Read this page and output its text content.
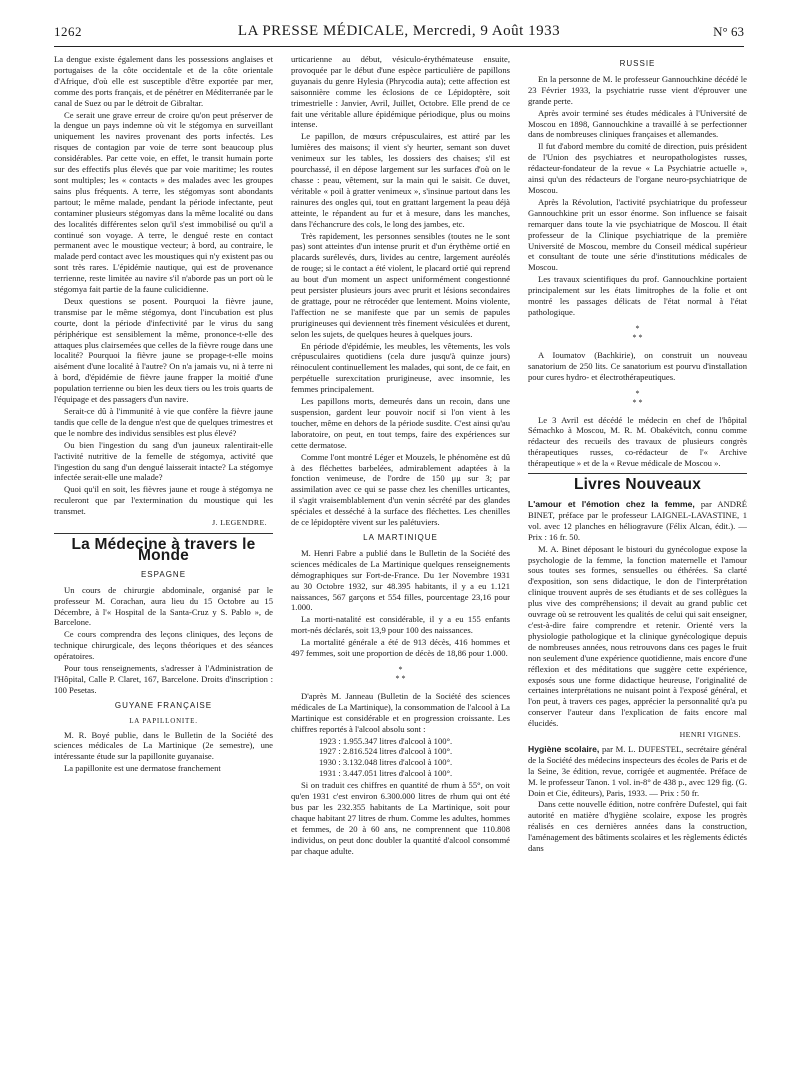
1262	LA PRESSE MÉDICALE, Mercredi, 9 Août 1933	N° 63

La dengue existe également dans les possessions anglaises et portugaises de la côte occidentale et de la côte orientale d'Afrique, d'où elle est susceptible d'être exportée par mer, comme des ports français, et de pénétrer en Méditerranée par le canal de Suez ou par le détroit de Gibraltar.

Ce serait une grave erreur de croire qu'on peut préserver de la dengue un pays indemne où vit le stégomya en surveillant uniquement les navires provenant des ports infectés. Les risques de contagion par voie de terre sont beaucoup plus considérables. Par cette voie, en effet, le transit humain porte sur des effectifs plus élevés que par voie maritime; les routes sont multiples; les « contacts » des malades avec les groupes sains plus fréquents. A terre, les stégomyas sont abondants partout; le même malade, pendant la période infectante, peut contaminer plusieurs stégomyas dans la même localité ou dans des localités différentes selon qu'il s'est immobilisé ou qu'il a continué son voyage. A terre, le dengué reste en contact permanent avec le moustique vecteur; à bord, au contraire, le malade perd contact avec les moustiques qui n'y existent pas ou sont très rares. L'épidémie nautique, qui est de provenance terrienne, reste limitée au navire s'il n'aborde pas un port où le stégomya fait partie de la faune culicidienne.

Deux questions se posent. Pourquoi la fièvre jaune, transmise par le même stégomya, dont l'incubation est plus courte, dont la période d'infectivité par le virus du sang périphérique est sensiblement la même, prononce-t-elle des attaques plus clairsemées que celles de la fièvre rouge dans une localité? Pourquoi la fièvre jaune se propage-t-elle moins aisément d'une localité à l'autre? On n'a jamais vu, ni à terre ni à bord, d'épidémie de fièvre jaune frapper la moitié d'une population terrienne ou bien les deux tiers ou les trois quarts de l'équipage et des passagers d'un navire.

Serait-ce dû à l'immunité à vie que confère la fièvre jaune tandis que celle de la dengue n'est que de quelques trimestres et que le nombre des individus sensibles est plus élevé?

Ou bien l'ingestion du sang d'un jauneux ralentirait-elle l'activité nutritive de la femelle de stégomya, activité que l'ingestion du sang d'un dengué laisserait intacte? La stégomye infectée serait-elle une malade?

Quoi qu'il en soit, les fièvres jaune et rouge à stégomya ne reculeront que par l'extermination du moustique qui les transmet.

J. LEGENDRE.
La Médecine à travers le Monde
ESPAGNE

Un cours de chirurgie abdominale, organisé par le professeur M. Corachan, aura lieu du 15 Octobre au 15 Décembre, à l'« Hospital de la Santa-Cruz y S. Pablo », de Barcelone.

Ce cours comprendra des leçons cliniques, des leçons de technique chirurgicale, des leçons théoriques et des séances opératoires.

Pour tous renseignements, s'adresser à l'Administration de l'Hôpital, Calle P. Claret, 167, Barcelone. Droits d'inscription : 100 Pesetas.

GUYANE FRANÇAISE
LA PAPILLONITE.

M. R. Boyé publie, dans le Bulletin de la Société des sciences médicales de La Martinique (2e semestre), une intéressante étude sur la papillonite guyanaise.

La papillonite est une dermatose franchement

urticarienne au début, vésiculo-érythémateuse ensuite, provoquée par le début d'une espèce particulière de papillons guyanais du genre Hylesia (Phrycodia auta); cette affection est saisonnière comme les éclosions de ce Lépidoptère, soit trimestrielle : Janvier, Avril, Juillet, Octobre. Elle prend de ce fait une véritable allure épidémique périodique, plus ou moins intense.

Le papillon, de mœurs crépusculaires, est attiré par les lumières des maisons; il vient s'y heurter, semant son duvet venimeux sur les tables, les dossiers des chaises; s'il est pourchassé, il en dépose largement sur les surfaces d'où on le chasse : peau, vêtement, sur la main qui le saisit. Ce duvet, véritable « poil à gratter venimeux », s'insinue partout dans les rainures des ongles qui, tout en grattant largement la peau déjà atteinte, le répandent au fur et à mesure, dans les manches, dans l'échancrure des cols, le long des jambes, etc.

Très rapidement, les personnes sensibles (toutes ne le sont pas) sont atteintes d'un intense prurit et d'un érythème ortié en placards surélevés, durs, livides au centre, largement auréolés de rouge; si le contact a été violent, le placard ortié qui reprend au bout d'un moment un aspect uniformément congestionné peut persister plusieurs jours avec prurit et lésions secondaires de grattage, pour ne rétrocéder que lentement. Moins violente, l'affection ne se manifeste que par un semis de papules prurigineuses qui deviennent très finement vésiculées et durent, selon les sujets, de quelques heures à quelques jours.

En période d'épidémie, les meubles, les vêtements, les vols crépusculaires quotidiens (cela dure jusqu'à quinze jours) réinoculent continuellement les malades, qui sont, de ce fait, en perpétuelle surexcitation prurigineuse, avec insomnie, les femmes principalement.

Les papillons morts, demeurés dans un recoin, dans une suspension, gardent leur pouvoir nocif si l'on vient à les toucher, même en dehors de la période susdite. C'est ainsi qu'au laboratoire, on peut, en tout temps, faire des expériences sur cette dermatose.

Comme l'ont montré Léger et Mouzels, le phénomène est dû à des fléchettes barbelées, admirablement adaptées à la fonction venimeuse, de l'ordre de 150 μμ sur 3; par assimilation avec ce qui se passe chez les chenilles urticantes, il s'agit vraisemblablement d'un venin sécrété par des glandes spéciales et desséché à la surface des fléchettes. Les chenilles de ce lépidoptère vivent sur les palétuviers.

LA MARTINIQUE

M. Henri Fabre a publié dans le Bulletin de la Société des sciences médicales de La Martinique quelques renseignements démographiques sur Fort-de-France. Du 1er Novembre 1931 au 30 Octobre 1932, sur 48.395 habitants, il y a eu 1.121 naissances, 567 garçons et 554 filles, pourcentage 23,16 pour 1.000.

La morti-natalité est considérable, il y a eu 155 enfants mort-nés déclarés, soit 13,9 pour 100 des naissances.

La mortalité générale a été de 913 décès, 416 hommes et 497 femmes, soit une proportion de décès de 18,86 pour 1.000.

*
* *

D'après M. Janneau (Bulletin de la Société des sciences médicales de La Martinique), la consommation de l'alcool à La Martinique est considérable et en progression croissante. Les chiffres reportés à l'alcool absolu sont :

1923 : 1.955.347 litres d'alcool à 100°.
1927 : 2.816.524 litres d'alcool à 100°.
1930 : 3.132.048 litres d'alcool à 100°.
1931 : 3.447.051 litres d'alcool à 100°.

Si on traduit ces chiffres en quantité de rhum à 55°, on voit qu'en 1931 c'est environ 6.300.000 litres de rhum qui ont été bus par les 232.355 habitants de La Martinique, soit pour chaque habitant 27 litres de rhum. Comme les adultes, hommes et femmes, de 20 à 60 ans, ne comprennent que 110.808 individus, on peut donc doubler la quantité d'alcool consommé par chaque adulte.

RUSSIE

En la personne de M. le professeur Gannouchkine décédé le 23 Février 1933, la psychiatrie russe vient d'éprouver une grande perte.

Après avoir terminé ses études médicales à l'Université de Moscou en 1898, Gannouchkine a travaillé à se perfectionner dans de nombreuses cliniques françaises et allemandes.

Il fut d'abord membre du comité de direction, puis président de l'Union des psychiatres et neuropathologistes russes, rédacteur-fondateur de la revue « La Psychiatrie actuelle », ainsi qu'un des rédacteurs de l'organe neuro-psychiatrique de Moscou.

Après la Révolution, l'activité psychiatrique du professeur Gannouchkine prit un essor énorme. Son influence se faisait remarquer dans toute la vie psychiatrique de Moscou. Il était professeur de la Clinique psychiatrique de la première Université de Moscou, membre du Conseil médical supérieur et consultant de toute une série d'institutions médicales de Moscou.

Les travaux scientifiques du prof. Gannouchkine portaient principalement sur les états limitrophes de la folie et ont montré les passages délicats de l'état normal à l'état pathologique.

*
* *

A Ioumatov (Bachkirie), on construit un nouveau sanatorium de 250 lits. Ce sanatorium est pourvu d'installation pour cures hydro- et électrothérapeutiques.

*
* *

Le 3 Avril est décédé le médecin en chef de l'hôpital Sémachko à Moscou, M. R. M. Obakévitch, connu comme rédacteur des recueils des travaux de plusieurs congrès thérapeutiques russes, co-rédacteur de l'« Archive thérapeutique » et de la « Revue médicale de Moscou ».

Livres Nouveaux

L'amour et l'émotion chez la femme, par ANDRÉ BINET, préface par le professeur LAIGNEL-LAVASTINE, 1 vol. avec 12 planches en héliogravure (Félix Alcan, édit.). — Prix : 16 fr. 50.

M. A. Binet déposant le bistouri du gynécologue expose la psychologie de la femme, la fonction maternelle et l'amour sous toutes ses formes, sensuelles ou éthérées. Sa clarté d'exposition, son sens didactique, le don de l'interprétation clinique trouvent auprès de ses étudiants et de ses collègues la plus vive des compréhensions; il devait au grand public cet ouvrage où se retrouvent les qualités de celui qui sait enseigner, c'est-à-dire faire comprendre et retenir. Orienté vers la physiologie pathologique et la clinique gynécologique depuis de nombreuses années, nous retrouvons dans ces pages le fruit non seulement d'une expérience quotidienne, mais encore d'une réflexion et des méditations que suggère cette expérience, exposés sous une forme didactique heureuse, l'originalité de certaines interprétations ne nuisant point à l'exposé général, et l'on peut, à travers ces pages, apprécier la personnalité qu'a pu conserver l'auteur dans l'explication de faits encore mal élucidés.

HENRI VIGNES.

Hygiène scolaire, par M. L. DUFESTEL, secrétaire général de la Société des médecins inspecteurs des écoles de Paris et de la Seine, 3e édition, revue, corrigée et augmentée. Préface de M. le professeur Tanon. 1 vol. in-8° de 438 p., avec 129 fig. (G. Doin et Cie, éditeurs), Paris, 1933. — Prix : 50 fr.

Dans cette nouvelle édition, notre confrère Dufestel, qui fait autorité en matière d'hygiène scolaire, expose les progrès réalisés en ces dernières années dans la construction, l'aménagement des bâtiments scolaires et les règlements édictés dans
